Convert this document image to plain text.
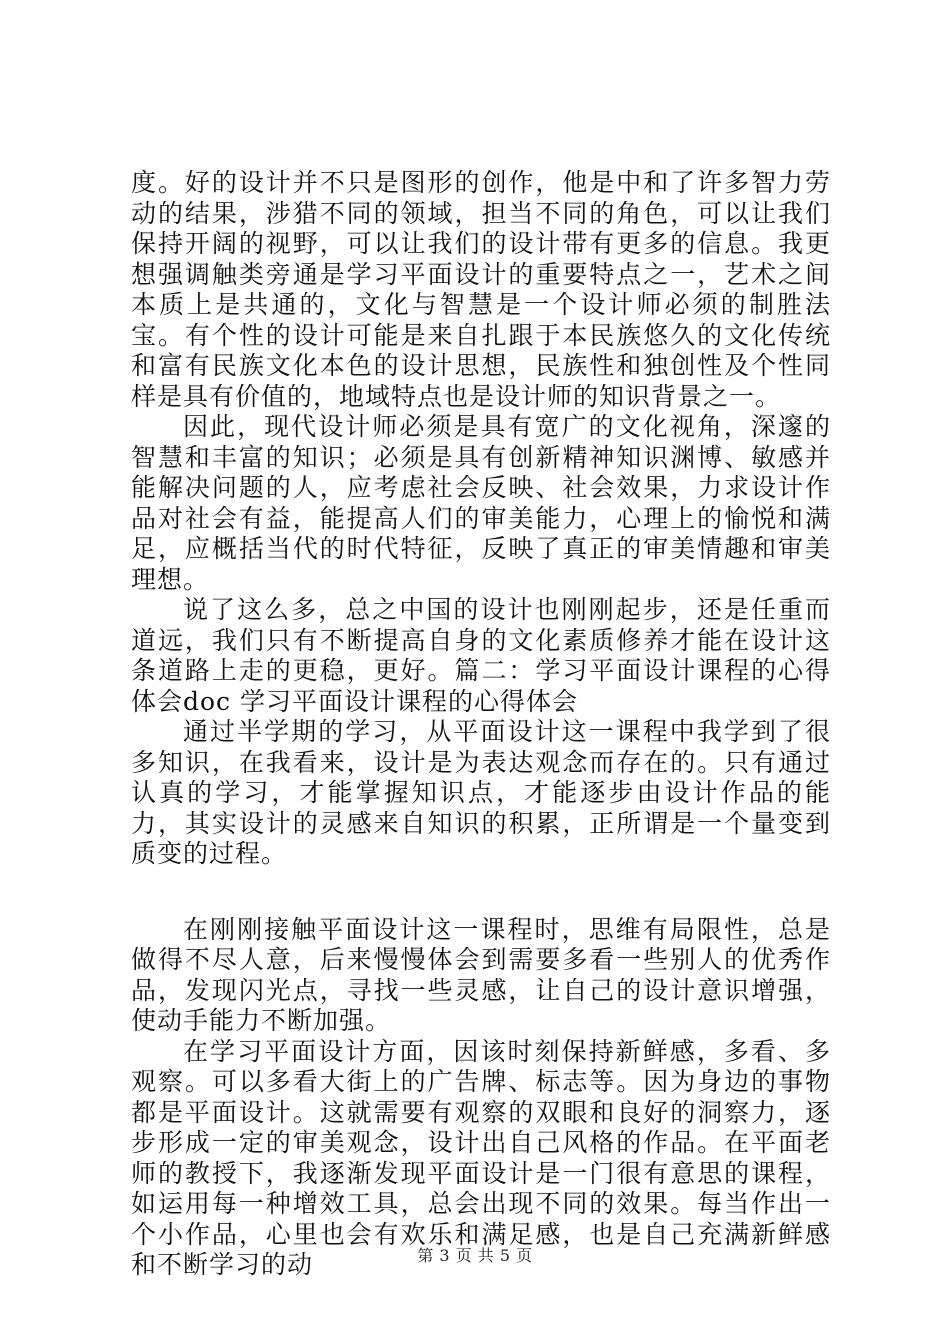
度。好的设计并不只是图形的创作，他是中和了许多智力劳动的结果，涉猎不同的领域，担当不同的角色，可以让我们保持开阔的视野，可以让我们的设计带有更多的信息。我更想强调触类旁通是学习平面设计的重要特点之一，艺术之间本质上是共通的，文化与智慧是一个设计师必须的制胜法宝。有个性的设计可能是来自扎跟于本民族悠久的文化传统和富有民族文化本色的设计思想，民族性和独创性及个性同样是具有价值的，地域特点也是设计师的知识背景之一。

因此，现代设计师必须是具有宽广的文化视角，深邃的智慧和丰富的知识；必须是具有创新精神知识渊博、敏感并能解决问题的人，应考虑社会反映、社会效果，力求设计作品对社会有益，能提高人们的审美能力，心理上的愉悦和满足，应概括当代的时代特征，反映了真正的审美情趣和审美理想。

说了这么多，总之中国的设计也刚刚起步，还是任重而道远，我们只有不断提高自身的文化素质修养才能在设计这条道路上走的更稳，更好。篇二：学习平面设计课程的心得体会doc 学习平面设计课程的心得体会

通过半学期的学习，从平面设计这一课程中我学到了很多知识，在我看来，设计是为表达观念而存在的。只有通过认真的学习，才能掌握知识点，才能逐步由设计作品的能力，其实设计的灵感来自知识的积累，正所谓是一个量变到质变的过程。

在刚刚接触平面设计这一课程时，思维有局限性，总是做得不尽人意，后来慢慢体会到需要多看一些别人的优秀作品，发现闪光点，寻找一些灵感，让自己的设计意识增强，使动手能力不断加强。

在学习平面设计方面，因该时刻保持新鲜感，多看、多观察。可以多看大街上的广告牌、标志等。因为身边的事物都是平面设计。这就需要有观察的双眼和良好的洞察力，逐步形成一定的审美观念，设计出自己风格的作品。在平面老师的教授下，我逐渐发现平面设计是一门很有意思的课程，如运用每一种增效工具，总会出现不同的效果。每当作出一个小作品，心里也会有欢乐和满足感，也是自己充满新鲜感和不断学习的动	第 3 页 共 5 页
